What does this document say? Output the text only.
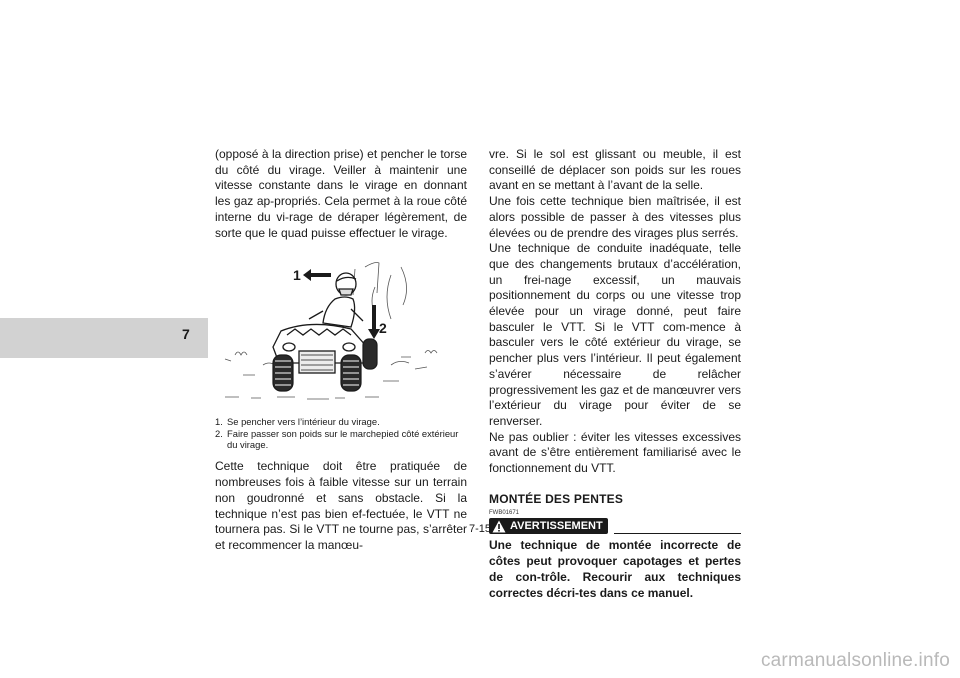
7

(opposé à la direction prise) et pencher le torse du côté du virage. Veiller à maintenir une vitesse constante dans le virage en donnant les gaz ap-propriés. Cela permet à la roue côté interne du vi-rage de déraper légèrement, de sorte que le quad puisse effectuer le virage.

1
2
1. Se pencher vers l’intérieur du virage.
2. Faire passer son poids sur le marchepied côté extérieur du virage.

Cette technique doit être pratiquée de nombreuses fois à faible vitesse sur un terrain non goudronné et sans obstacle. Si la technique n’est pas bien ef-fectuée, le VTT ne tournera pas. Si le VTT ne tourne pas, s’arrêter et recommencer la manœu-

vre. Si le sol est glissant ou meuble, il est conseillé de déplacer son poids sur les roues avant en se mettant à l’avant de la selle.

Une fois cette technique bien maîtrisée, il est alors possible de passer à des vitesses plus élevées ou de prendre des virages plus serrés.

Une technique de conduite inadéquate, telle que des changements brutaux d’accélération, un frei-nage excessif, un mauvais positionnement du corps ou une vitesse trop élevée pour un virage donné, peut faire basculer le VTT. Si le VTT com-mence à basculer vers le côté extérieur du virage, se pencher plus vers l’intérieur. Il peut également s’avérer nécessaire de relâcher progressivement les gaz et de manœuvrer vers l’extérieur du virage pour éviter de se renverser.

Ne pas oublier : éviter les vitesses excessives avant de s’être entièrement familiarisé avec le fonctionnement du VTT.

MONTÉE DES PENTES
FWB01671
AVERTISSEMENT

Une technique de montée incorrecte de côtes peut provoquer capotages et pertes de con-trôle. Recourir aux techniques correctes décri-tes dans ce manuel.

7-15
carmanualsonline.info
